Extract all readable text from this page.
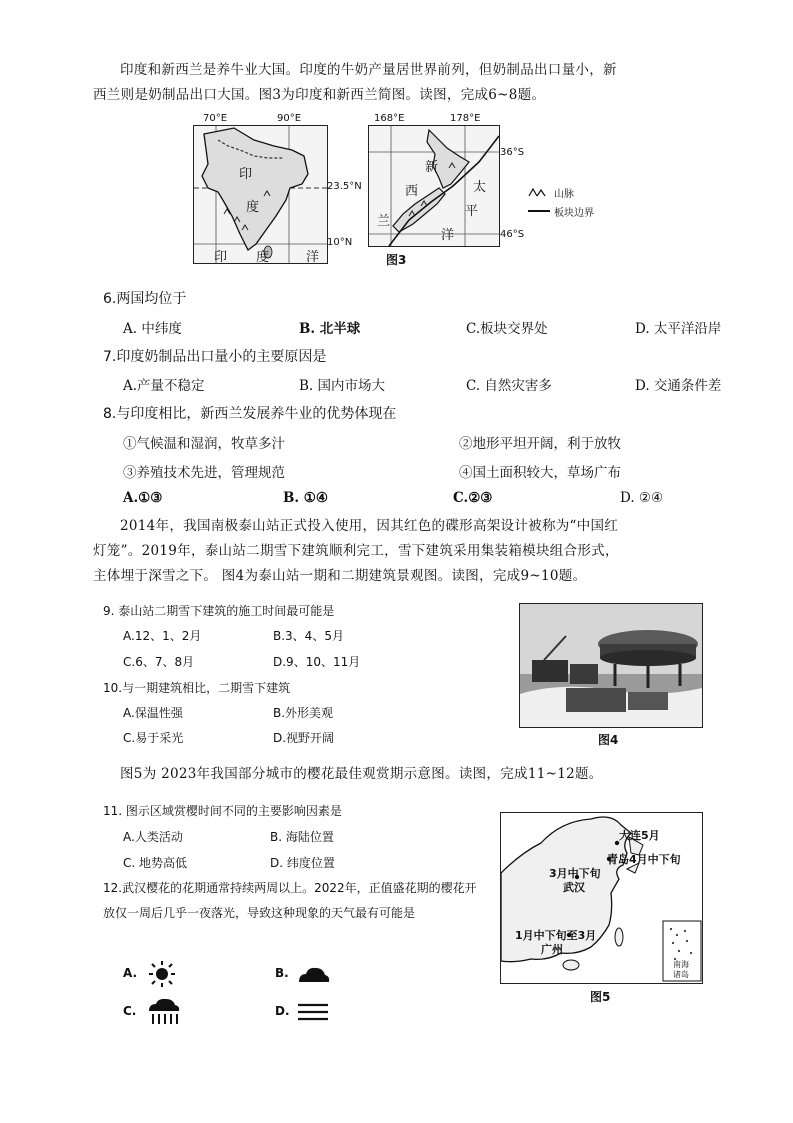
印度和新西兰是养牛业大国。印度的牛奶产量居世界前列，但奶制品出口量小，新
西兰则是奶制品出口大国。图3为印度和新西兰简图。读图，完成6~8题。
印
度
印 度	洋
70°E	90°E
23.5°N
10°N
新
西
兰
太
平
洋
168°E	178°E
36°S
46°S
图3
山脉
板块边界
6.两国均位于
A. 中纬度	B. 北半球	C.板块交界处	D. 太平洋沿岸
7.印度奶制品出口量小的主要原因是
A.产量不稳定	B. 国内市场大	C. 自然灾害多	D. 交通条件差
8.与印度相比，新西兰发展养牛业的优势体现在
①气候温和湿润，牧草多汁	②地形平坦开阔，利于放牧
③养殖技术先进，管理规范	④国土面积较大，草场广布
A.①③	B. ①④	C.②③	D. ②④
2014年，我国南极泰山站正式投入使用，因其红色的碟形高架设计被称为“中国红
灯笼”。2019年，泰山站二期雪下建筑顺利完工，雪下建筑采用集装箱模块组合形式，
主体埋于深雪之下。 图4为泰山站一期和二期建筑景观图。读图，完成9~10题。
9. 泰山站二期雪下建筑的施工时间最可能是
A.12、1、2月	B.3、4、5月
C.6、7、8月	D.9、10、11月
10.与一期建筑相比，二期雪下建筑
A.保温性强	B.外形美观
C.易于采光	D.视野开阔	图4
图5为 2023年我国部分城市的樱花最佳观赏期示意图。读图，完成11~12题。
11. 图示区域赏樱时间不同的主要影响因素是
A.人类活动	B. 海陆位置
C. 地势高低	D. 纬度位置
12.武汉樱花的花期通常持续两周以上。2022年，正值盛花期的樱花开
放仅一周后几乎一夜落光，导致这种现象的天气最有可能是
A.	B.
C.	D.
大连5月
青岛4月中下旬
3月中下旬
武汉
1月中下旬至3月
广州
南海
诸岛
图5
